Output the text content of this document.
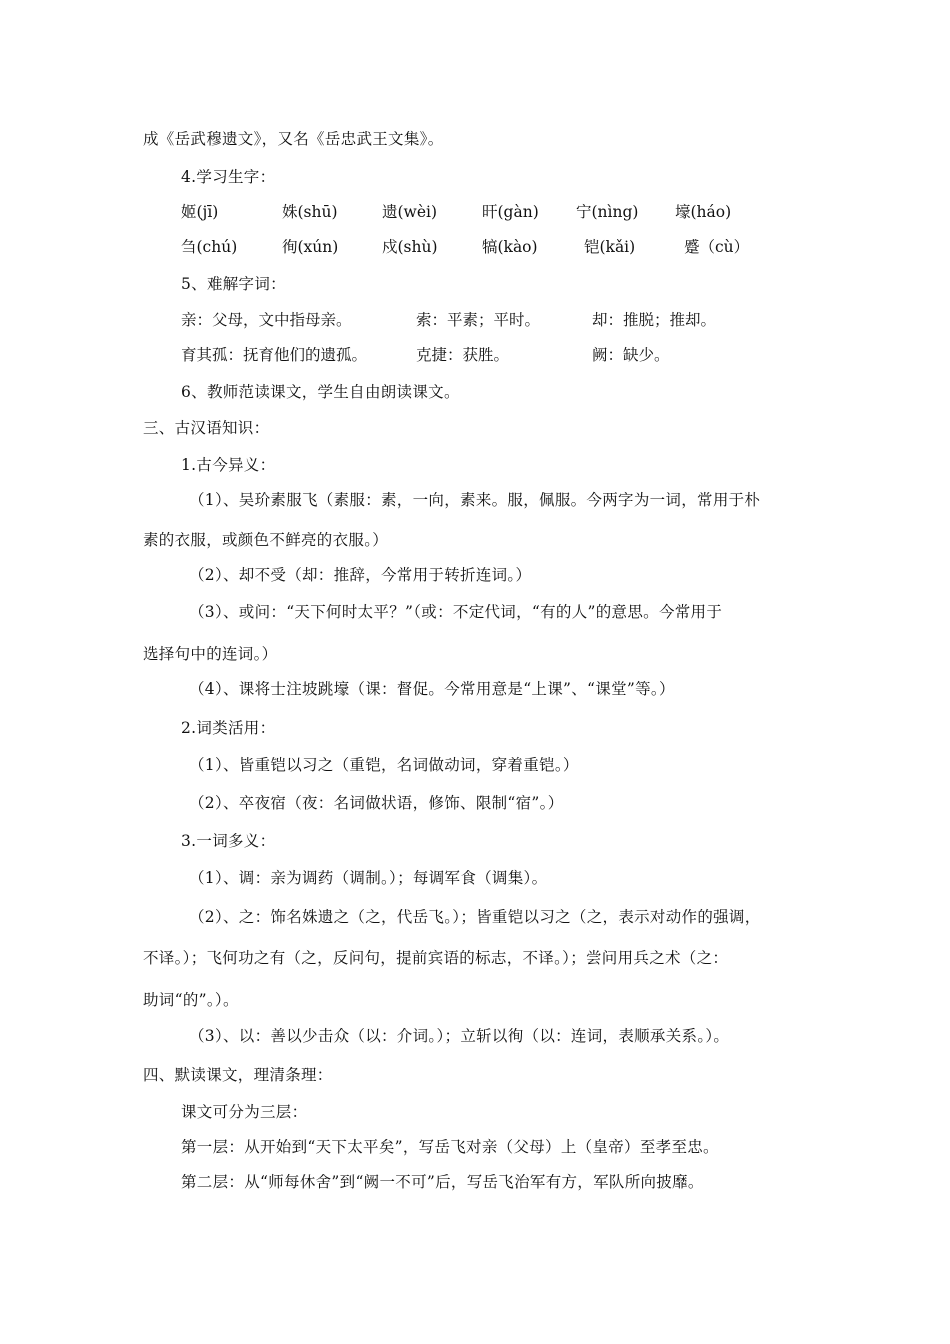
成《岳武穆遗文》，又名《岳忠武王文集》。
4.学习生字：
姬(jī)	姝(shū)	遗(wèi)	旰(gàn) 宁(nìng) 壕(háo)
刍(chú)	徇(xún)	戍(shù)	犒(kào)	铠(kǎi)	蹙（cù）
5、难解字词：
亲：父母，文中指母亲。	索：平素；平时。	却：推脱；推却。
育其孤：抚育他们的遗孤。	克捷：获胜。	阙：缺少。
6、教师范读课文，学生自由朗读课文。
三、古汉语知识：
1.古今异义：
（1）、吴玠素服飞（素服：素，一向，素来。服，佩服。今两字为一词，常用于朴
素的衣服，或颜色不鲜亮的衣服。）
（2）、却不受（却：推辞，今常用于转折连词。）
（3）、或问：“天下何时太平？”（或：不定代词，“有的人”的意思。今常用于
选择句中的连词。）
（4）、课将士注坡跳壕（课：督促。今常用意是“上课”、“课堂”等。）
2.词类活用：
（1）、皆重铠以习之（重铠，名词做动词，穿着重铠。）
（2）、卒夜宿（夜：名词做状语，修饰、限制“宿”。）
3.一词多义：
（1）、调：亲为调药（调制。）；每调军食（调集）。
（2）、之：饰名姝遗之（之，代岳飞。）；皆重铠以习之（之，表示对动作的强调，
不译。）；飞何功之有（之，反问句，提前宾语的标志，不译。）；尝问用兵之术（之：
助词“的”。）。
（3）、以：善以少击众（以：介词。）；立斩以徇（以：连词，表顺承关系。）。
四、默读课文，理清条理：
课文可分为三层：
第一层：从开始到“天下太平矣”，写岳飞对亲（父母）上（皇帝）至孝至忠。
第二层：从“师每休舍”到“阙一不可”后，写岳飞治军有方，军队所向披靡。
